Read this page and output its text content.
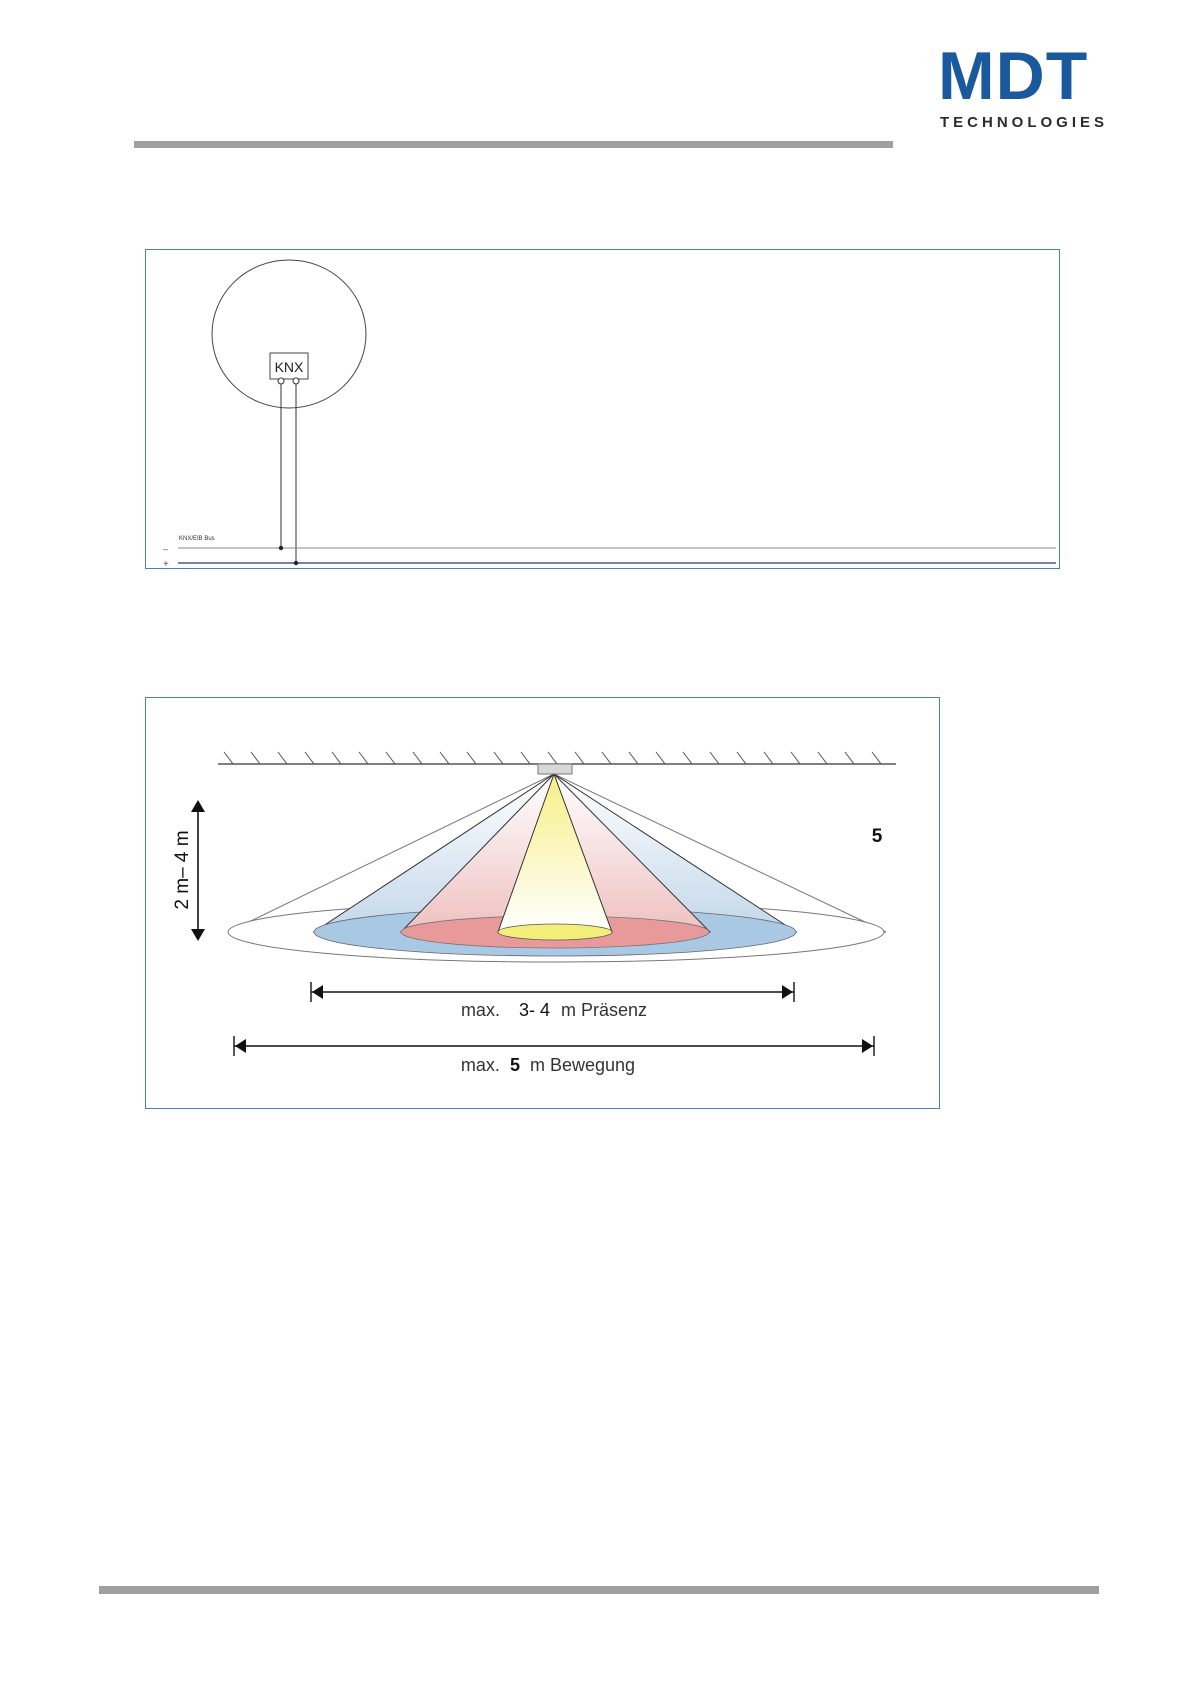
MDT
TECHNOLOGIES
KNX
KNX/EIB Bus
–
+
2 m– 4 m	5
max. 3- 4 m Präsenz
max. 5 m Bewegung
